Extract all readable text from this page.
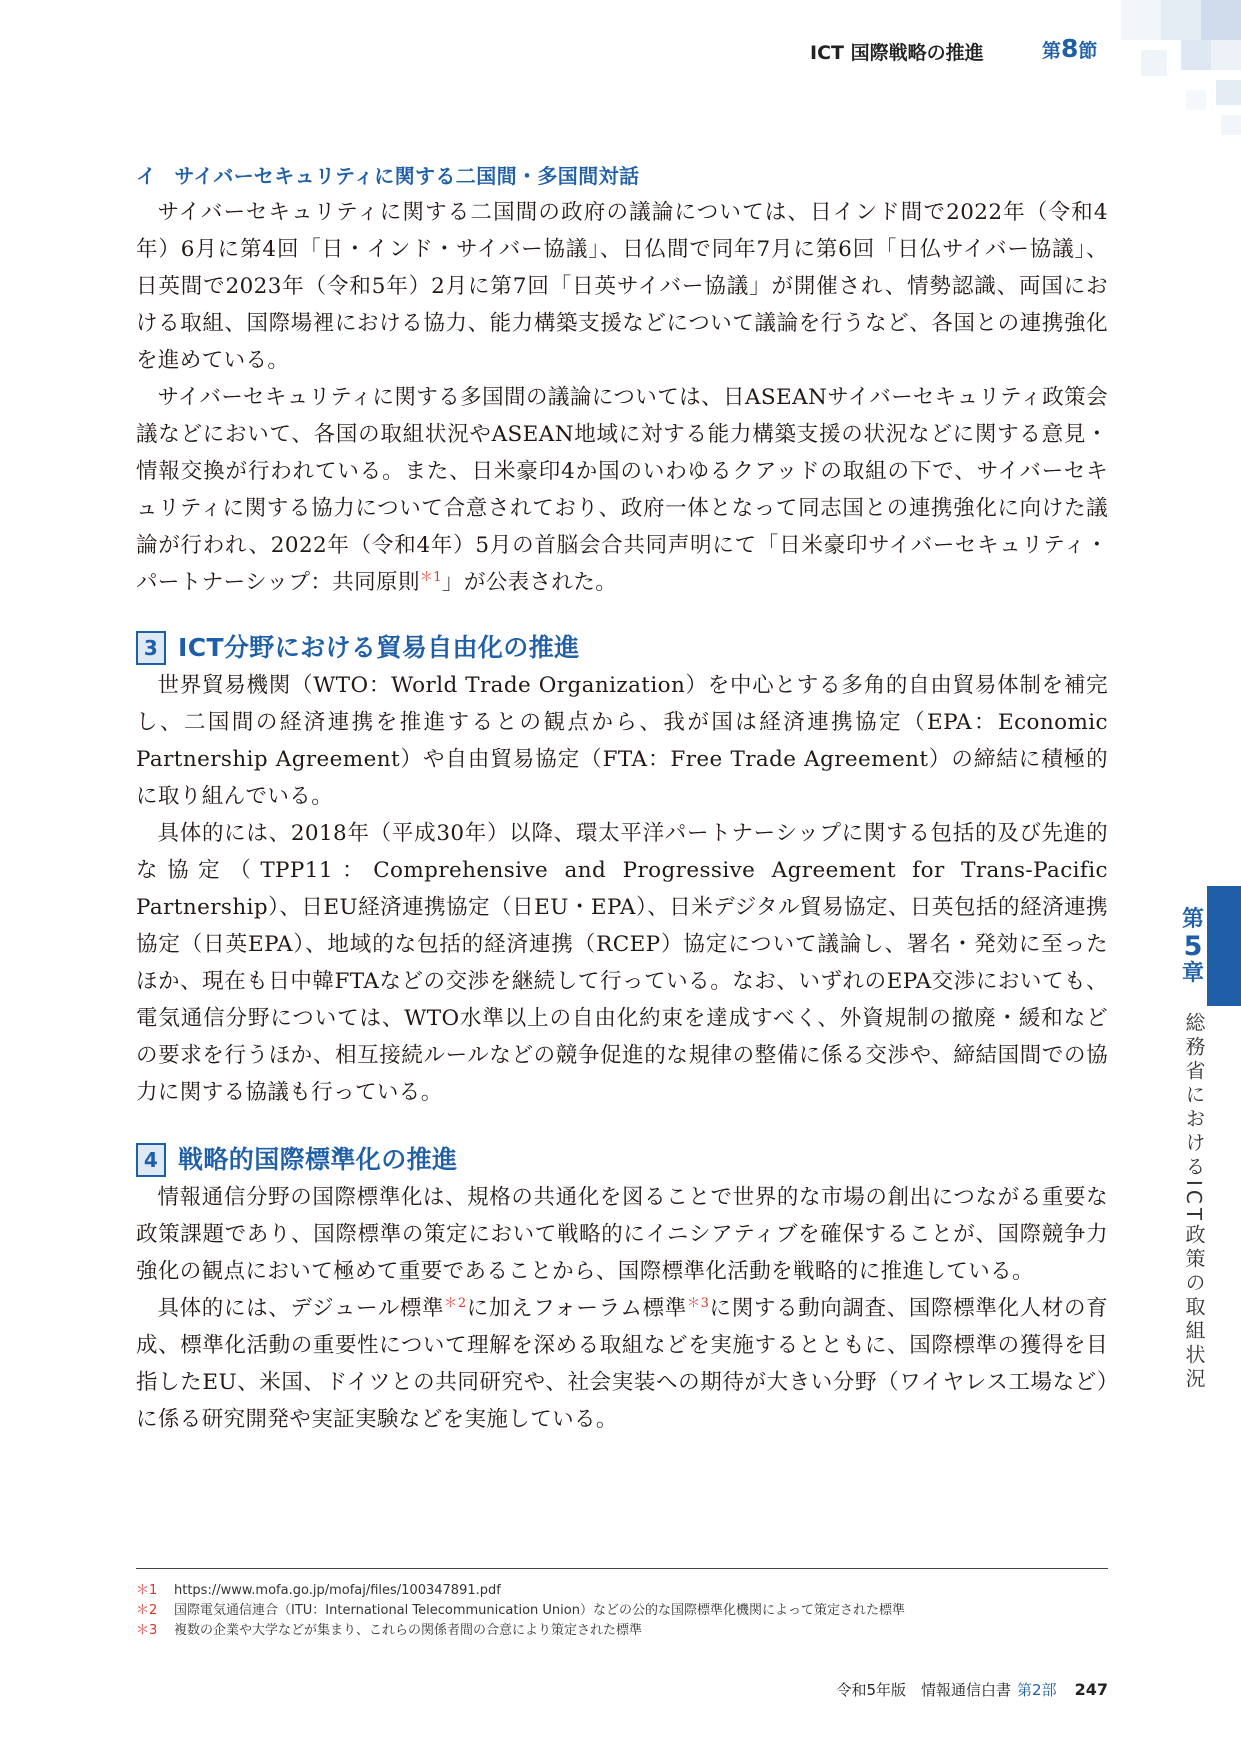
ICT 国際戦略の推進	第8節

イ サイバーセキュリティに関する二国間・多国間対話

サイバーセキュリティに関する二国間の政府の議論については、日インド間で2022年（令和4年）6月に第4回「日・インド・サイバー協議」、日仏間で同年7月に第6回「日仏サイバー協議」、日英間で2023年（令和5年）2月に第7回「日英サイバー協議」が開催され、情勢認識、両国における取組、国際場裡における協力、能力構築支援などについて議論を行うなど、各国との連携強化を進めている。

サイバーセキュリティに関する多国間の議論については、日ASEANサイバーセキュリティ政策会議などにおいて、各国の取組状況やASEAN地域に対する能力構築支援の状況などに関する意見・情報交換が行われている。また、日米豪印4か国のいわゆるクアッドの取組の下で、サイバーセキュリティに関する協力について合意されており、政府一体となって同志国との連携強化に向けた議論が行われ、2022年（令和4年）5月の首脳会合共同声明にて「日米豪印サイバーセキュリティ・パートナーシップ：共同原則$^{*1}$」が公表された。

3 ICT分野における貿易自由化の推進

世界貿易機関（WTO：World Trade Organization）を中心とする多角的自由貿易体制を補完し、二国間の経済連携を推進するとの観点から、我が国は経済連携協定（EPA：Economic Partnership Agreement）や自由貿易協定（FTA：Free Trade Agreement）の締結に積極的に取り組んでいる。

具体的には、2018年（平成30年）以降、環太平洋パートナーシップに関する包括的及び先進的な協定（TPP11：Comprehensive and Progressive Agreement for Trans-Pacific Partnership）、日EU経済連携協定（日EU・EPA）、日米デジタル貿易協定、日英包括的経済連携協定（日英EPA）、地域的な包括的経済連携（RCEP）協定について議論し、署名・発効に至ったほか、現在も日中韓FTAなどの交渉を継続して行っている。なお、いずれのEPA交渉においても、電気通信分野については、WTO水準以上の自由化約束を達成すべく、外資規制の撤廃・緩和などの要求を行うほか、相互接続ルールなどの競争促進的な規律の整備に係る交渉や、締結国間での協力に関する協議も行っている。

4 戦略的国際標準化の推進

情報通信分野の国際標準化は、規格の共通化を図ることで世界的な市場の創出につながる重要な政策課題であり、国際標準の策定において戦略的にイニシアティブを確保することが、国際競争力強化の観点において極めて重要であることから、国際標準化活動を戦略的に推進している。

具体的には、デジュール標準$^{*2}$に加えフォーラム標準$^{*3}$に関する動向調査、国際標準化人材の育成、標準化活動の重要性について理解を深める取組などを実施するとともに、国際標準の獲得を目指したEU、米国、ドイツとの共同研究や、社会実装への期待が大きい分野（ワイヤレス工場など）に係る研究開発や実証実験などを実施している。

第
5
章
総務省におけるICT政策の取組状況

＊1	https://www.mofa.go.jp/mofaj/files/100347891.pdf

＊2	国際電気通信連合（ITU：International Telecommunication Union）などの公的な国際標準化機関によって策定された標準

＊3	複数の企業や大学などが集まり、これらの関係者間の合意により策定された標準

令和5年版　情報通信白書 第2部 247
